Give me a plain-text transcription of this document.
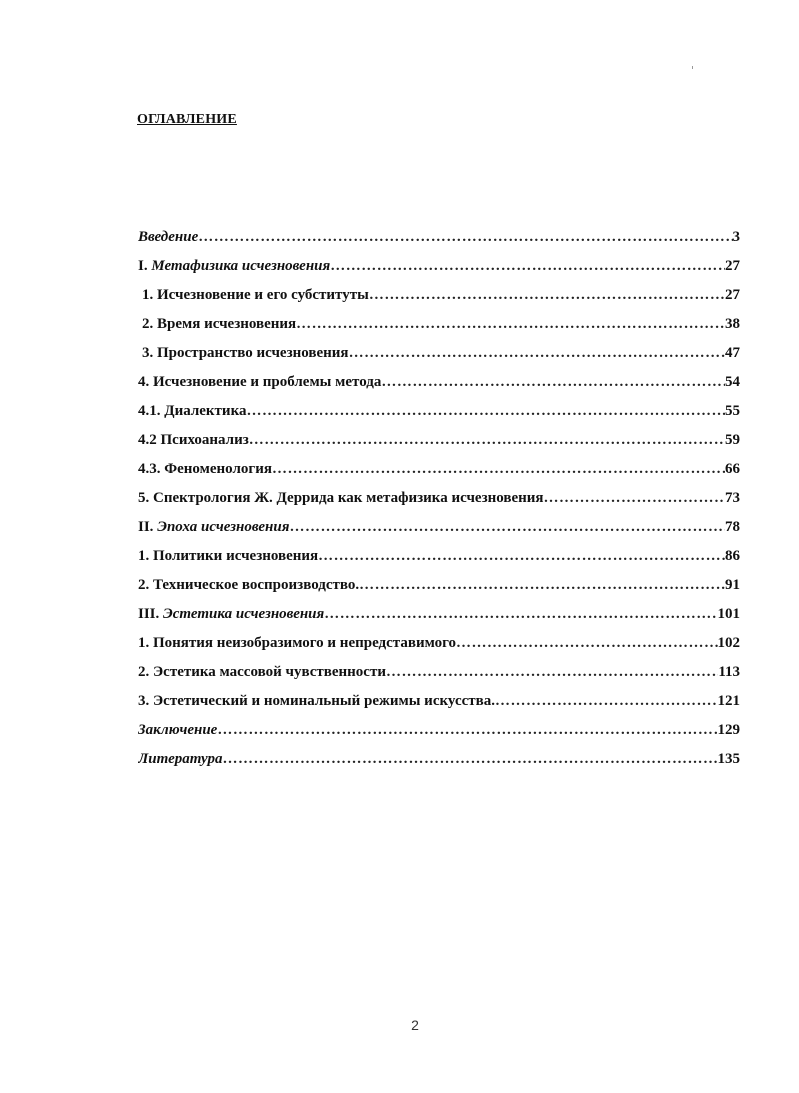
ОГЛАВЛЕНИЕ
Введение ……………………………………………………………………………………………………………………………………………………	3
I. Метафизика исчезновения ……………………………………………………………………………………………………………………………………………………	27
1. Исчезновение и его субституты ……………………………………………………………………………………………………………………………………………………	27
2. Время исчезновения ……………………………………………………………………………………………………………………………………………………	38
3. Пространство исчезновения ……………………………………………………………………………………………………………………………………………………	47
4. Исчезновение и проблемы метода ……………………………………………………………………………………………………………………………………………………	54
4.1. Диалектика ……………………………………………………………………………………………………………………………………………………	55
4.2 Психоанализ ……………………………………………………………………………………………………………………………………………………	59
4.3. Феноменология ……………………………………………………………………………………………………………………………………………………	66
5. Спектрология Ж. Деррида как метафизика исчезновения ……………………………………………………………………………………………………………………………………………………	73
II. Эпоха исчезновения ……………………………………………………………………………………………………………………………………………………	78
1. Политики исчезновения ……………………………………………………………………………………………………………………………………………………	86
2. Техническое воспроизводство. ……………………………………………………………………………………………………………………………………………………	91
III. Эстетика исчезновения ……………………………………………………………………………………………………………………………………………………	101
1. Понятия неизобразимого и непредставимого ……………………………………………………………………………………………………………………………………………………	102
2. Эстетика массовой чувственности ……………………………………………………………………………………………………………………………………………………	113
3. Эстетический и номинальный режимы искусства. ……………………………………………………………………………………………………………………………………………………	121
Заключение ……………………………………………………………………………………………………………………………………………………	129
Литература ……………………………………………………………………………………………………………………………………………………	135
2
